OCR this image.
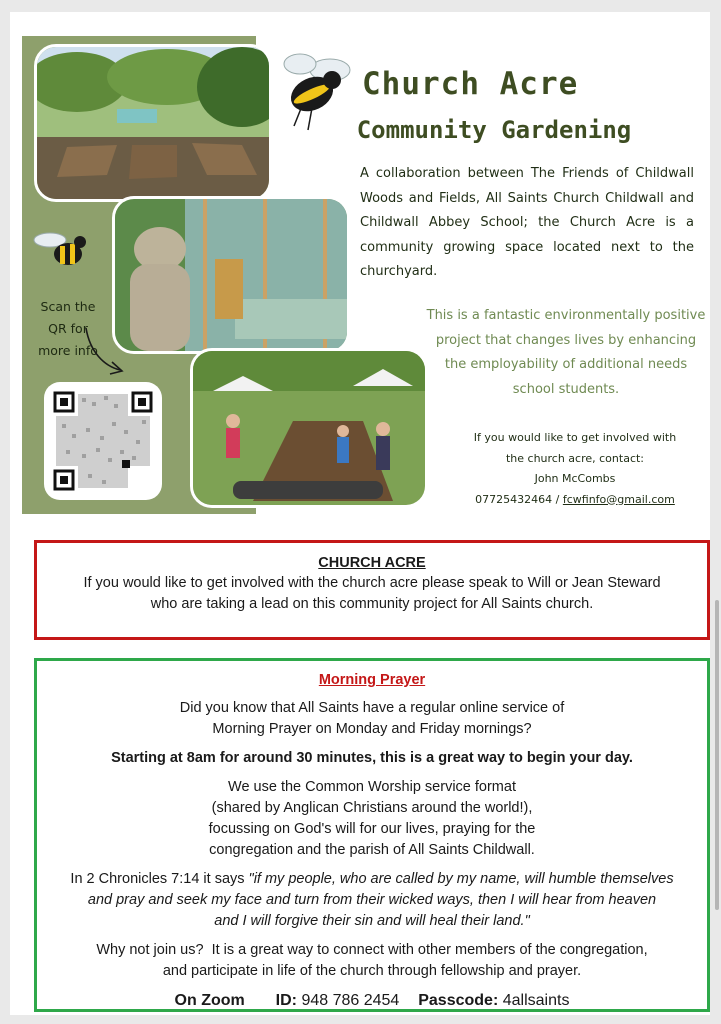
Scan the
QR for
more info
Church Acre
Community Gardening
A collaboration between The Friends of Childwall Woods and Fields, All Saints Church Childwall and Childwall Abbey School; the Church Acre is a community growing space located next to the churchyard.
This is a fantastic environmentally positive project that changes lives by enhancing the employability of additional needs school students.
If you would like to get involved with
the church acre, contact:
John McCombs
07725432464 / fcwfinfo@gmail.com
CHURCH ACRE
If you would like to get involved with the church acre please speak to Will or Jean Steward
who are taking a lead on this community project for All Saints church.
Morning Prayer
Did you know that All Saints have a regular online service of
Morning Prayer on Monday and Friday mornings?
Starting at 8am for around 30 minutes, this is a great way to begin your day.
We use the Common Worship service format
(shared by Anglican Christians around the world!),
focussing on God's will for our lives, praying for the
congregation and the parish of All Saints Childwall.
In 2 Chronicles 7:14 it says "if my people, who are called by my name, will humble themselves
and pray and seek my face and turn from their wicked ways, then I will hear from heaven
and I will forgive their sin and will heal their land."
Why not join us?  It is a great way to connect with other members of the congregation,
and participate in life of the church through fellowship and prayer.
On Zoom ID: 948 786 2454 Passcode: 4allsaints
